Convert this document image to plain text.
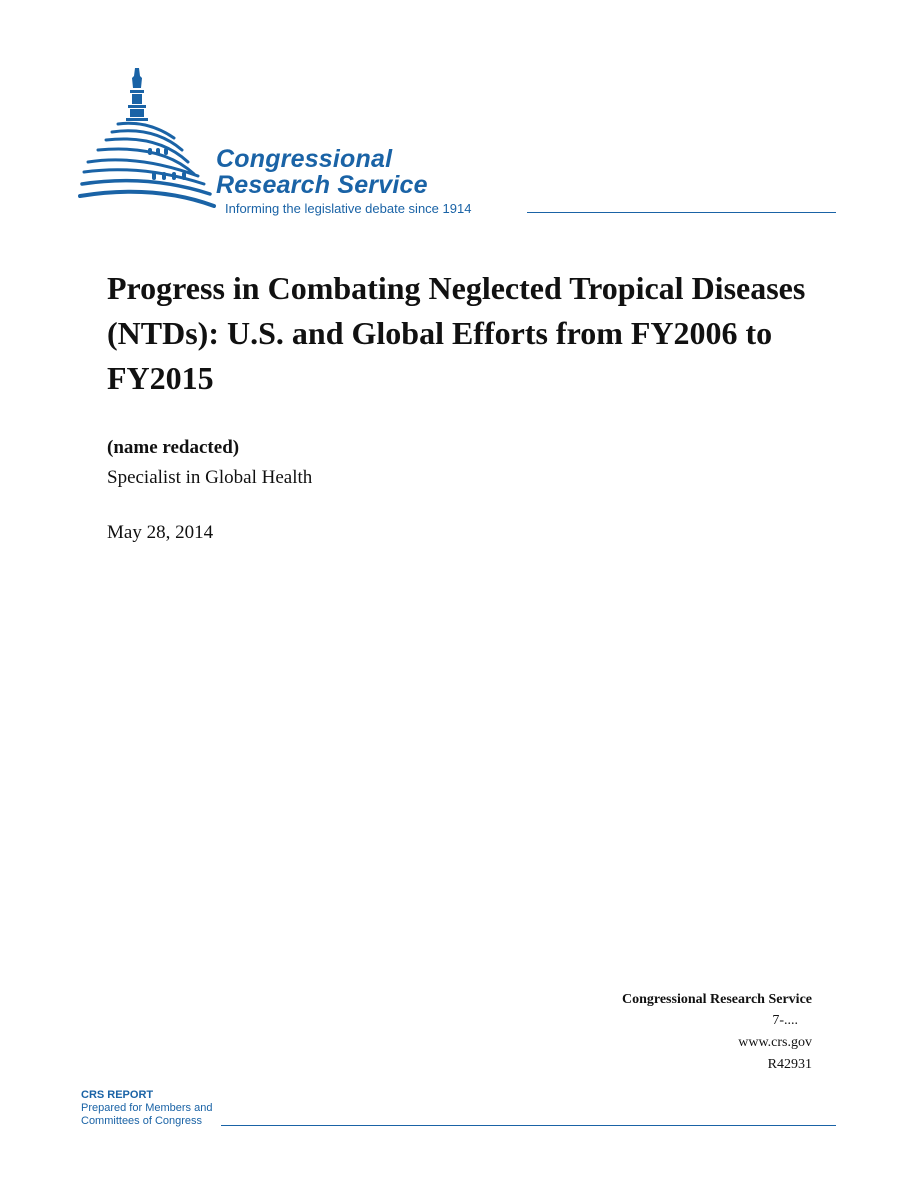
Congressional
Research Service
Informing the legislative debate since 1914
Progress in Combating Neglected Tropical Diseases (NTDs): U.S. and Global Efforts from FY2006 to FY2015
(name redacted)
Specialist in Global Health
May 28, 2014
Congressional Research Service
7-....
www.crs.gov
R42931
CRS REPORT
Prepared for Members and
Committees of Congress
